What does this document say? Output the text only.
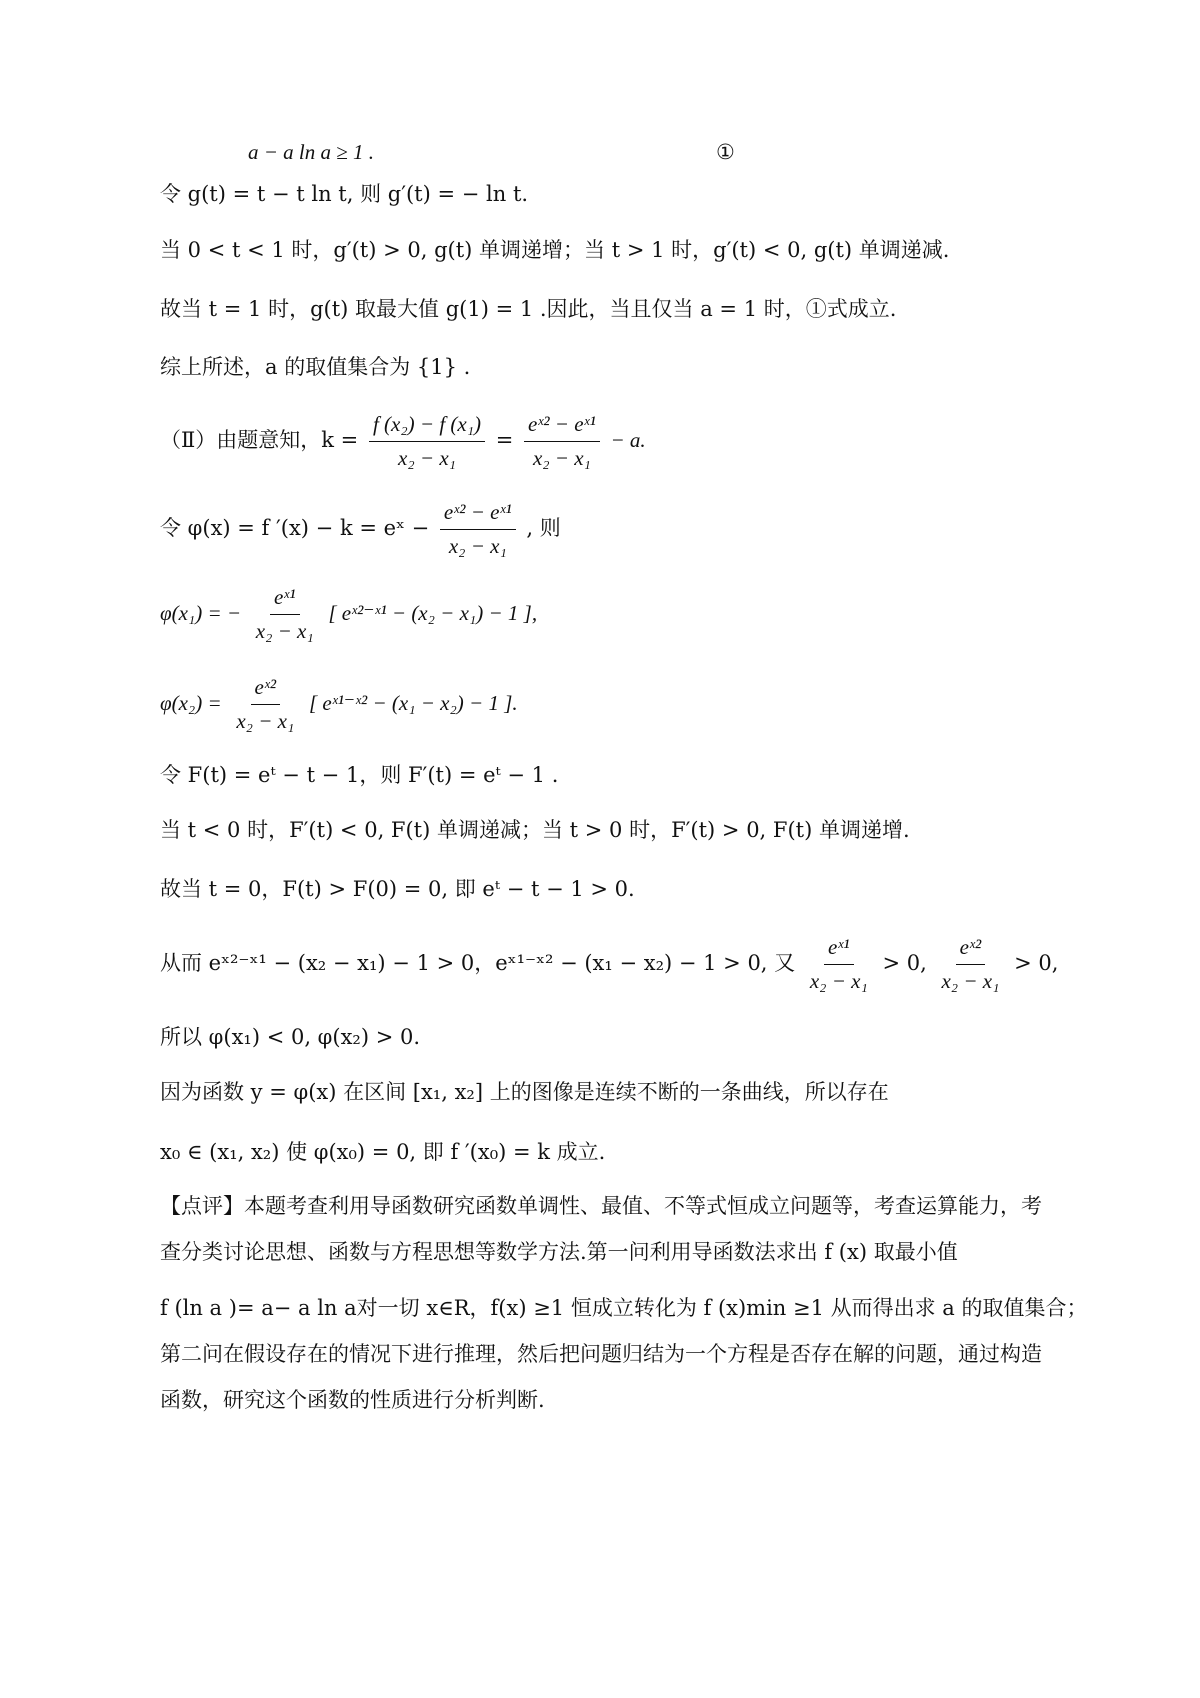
a − a ln a ≥ 1 .	①
令 g(t) = t − t ln t, 则 g′(t) = − ln t.
当 0 < t < 1 时，g′(t) > 0, g(t) 单调递增；当 t > 1 时，g′(t) < 0, g(t) 单调递减.
故当 t = 1 时，g(t) 取最大值 g(1) = 1 .因此，当且仅当 a = 1 时，①式成立.
综上所述，a 的取值集合为 {1} .
（Ⅱ）由题意知，$k = \frac{\text{f (x₂) − f (x₁)}}{\text{x₂ − x₁}} = \frac{\text{eˣ² − eˣ¹}}{\text{x₂ − x₁}} - a$.
令 φ(x) = f ′(x) − k = eˣ − $\frac{\text{eˣ² − eˣ¹}}{\text{x₂ − x₁}}$ , 则
φ(x₁) = − $\frac{\text{eˣ¹}}{\text{x₂ − x₁}}$ [ eˣ²⁻ˣ¹ − (x₂ − x₁) − 1 ],
$\varphi(x_2) = \frac{\text{eˣ²}}{\text{x₂ − x₁}}$ [ eˣ¹⁻ˣ² − (x₁ − x₂) − 1 ].
令 F(t) = eᵗ − t − 1，则 F′(t) = eᵗ − 1 .
当 t < 0 时，F′(t) < 0, F(t) 单调递减；当 t > 0 时，F′(t) > 0, F(t) 单调递增.
故当 t = 0，F(t) > F(0) = 0, 即 eᵗ − t − 1 > 0.
从而 eˣ²⁻ˣ¹ − (x₂ − x₁) − 1 > 0，eˣ¹⁻ˣ² − (x₁ − x₂) − 1 > 0, 又 $\frac{\text{eˣ¹}}{\text{x₂ − x₁}} > 0$, $\frac{\text{eˣ²}}{\text{x₂ − x₁}} > 0$,
所以 φ(x₁) < 0, φ(x₂) > 0.
因为函数 y = φ(x) 在区间 [x₁, x₂] 上的图像是连续不断的一条曲线，所以存在
x₀ ∈ (x₁, x₂) 使 φ(x₀) = 0, 即 f ′(x₀) = k 成立.
【点评】本题考查利用导函数研究函数单调性、最值、不等式恒成立问题等，考查运算能力，考查分类讨论思想、函数与方程思想等数学方法.第一问利用导函数法求出 f (x) 取最小值
f (ln a )= a− a ln a对一切 x∈R，f(x) ≥1 恒成立转化为 f (x)min ≥1 从而得出求 a 的取值集合；
第二问在假设存在的情况下进行推理，然后把问题归结为一个方程是否存在解的问题，通过构造函数，研究这个函数的性质进行分析判断.
